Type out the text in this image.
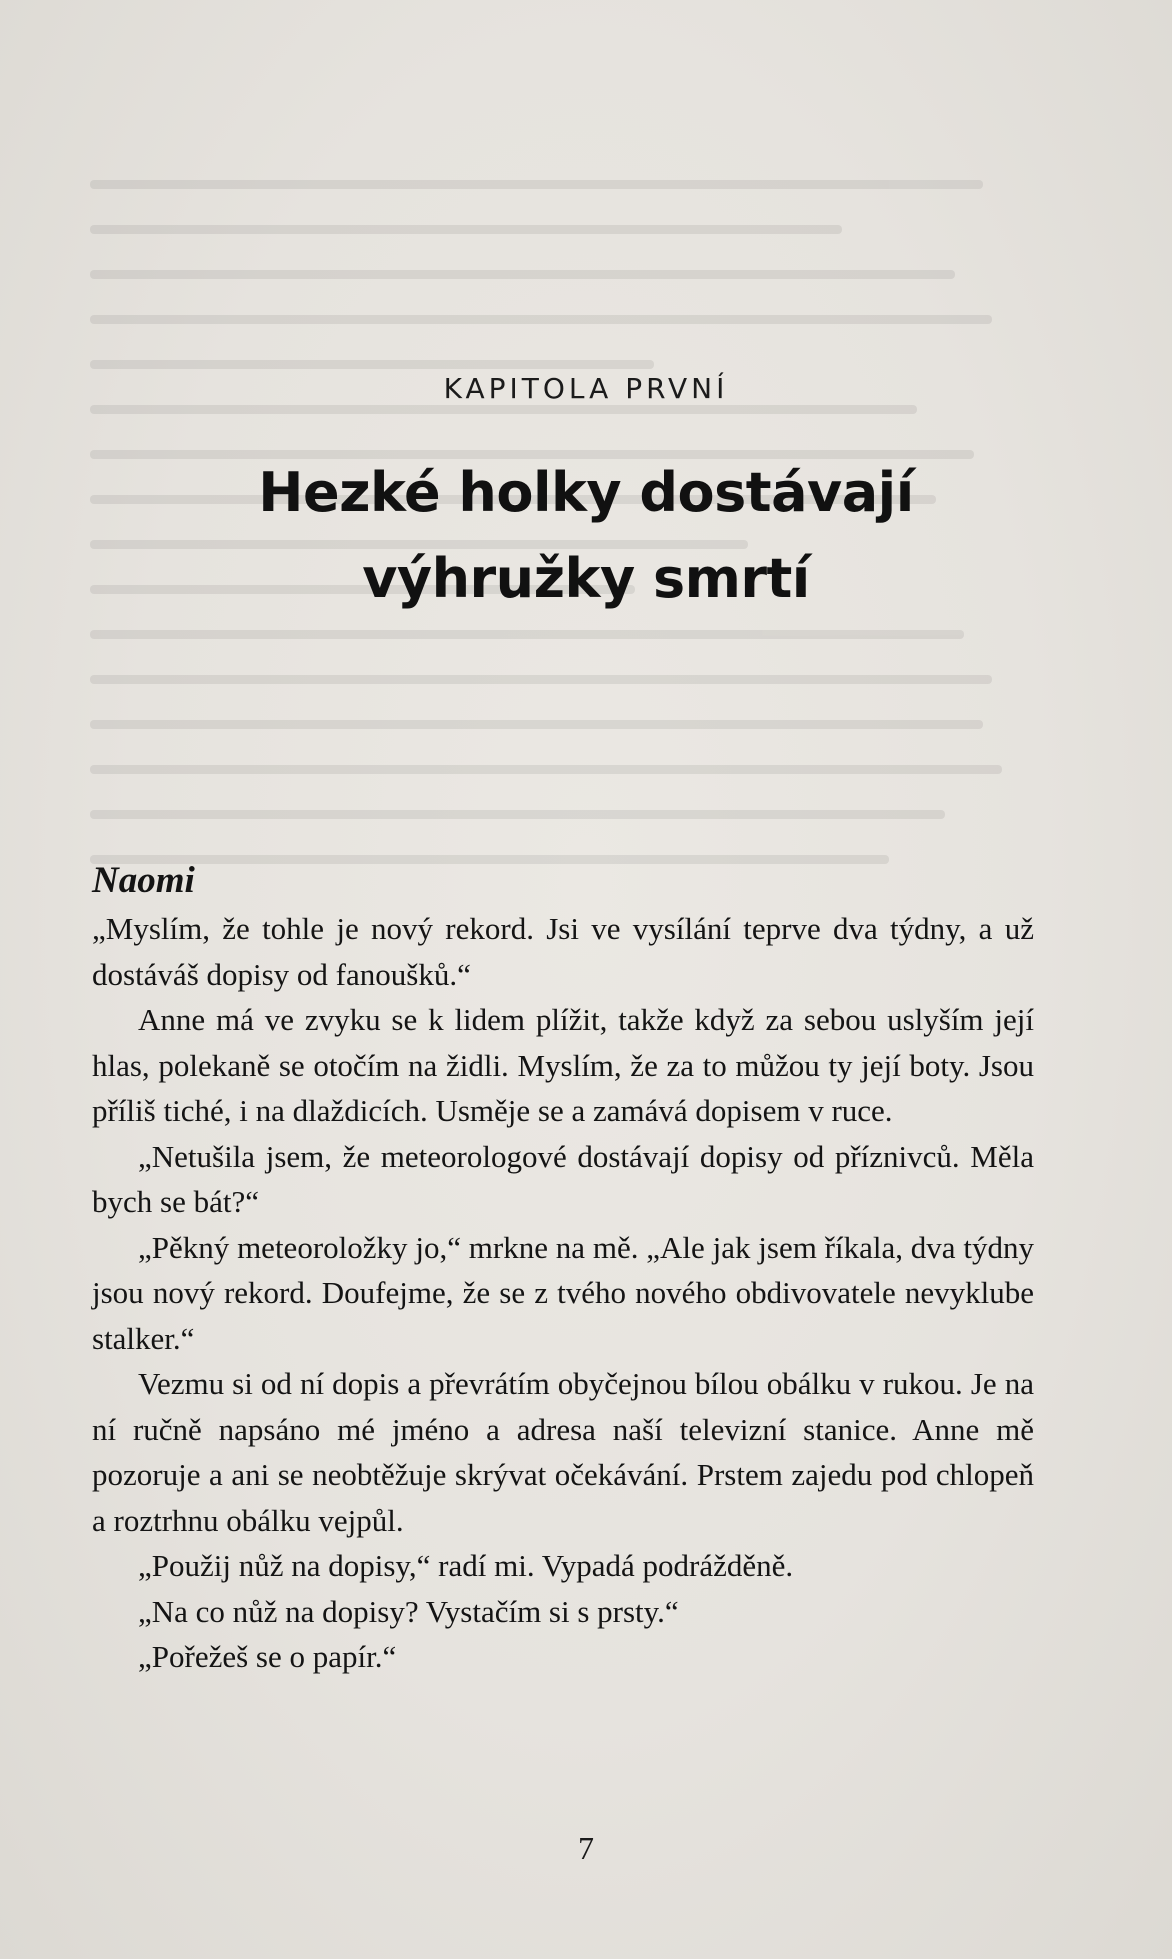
KAPITOLA PRVNÍ
Hezké holky dostávají
výhružky smrtí

Naomi

„Myslím, že tohle je nový rekord. Jsi ve vysílání teprve dva týdny, a už dostáváš dopisy od fanoušků.“

Anne má ve zvyku se k lidem plížit, takže když za sebou uslyším její hlas, polekaně se otočím na židli. Myslím, že za to můžou ty její boty. Jsou příliš tiché, i na dlaždicích. Usměje se a zamává dopisem v ruce.

„Netušila jsem, že meteorologové dostávají dopisy od příznivců. Měla bych se bát?“

„Pěkný meteoroložky jo,“ mrkne na mě. „Ale jak jsem říkala, dva týdny jsou nový rekord. Doufejme, že se z tvého nového obdivovatele nevyklube stalker.“

Vezmu si od ní dopis a převrátím obyčejnou bílou obálku v rukou. Je na ní ručně napsáno mé jméno a adresa naší televizní stanice. Anne mě pozoruje a ani se neobtěžuje skrývat očekávání. Prstem zajedu pod chlopeň a roztrhnu obálku vejpůl.

„Použij nůž na dopisy,“ radí mi. Vypadá podrážděně.

„Na co nůž na dopisy? Vystačím si s prsty.“

„Pořežeš se o papír.“

7
